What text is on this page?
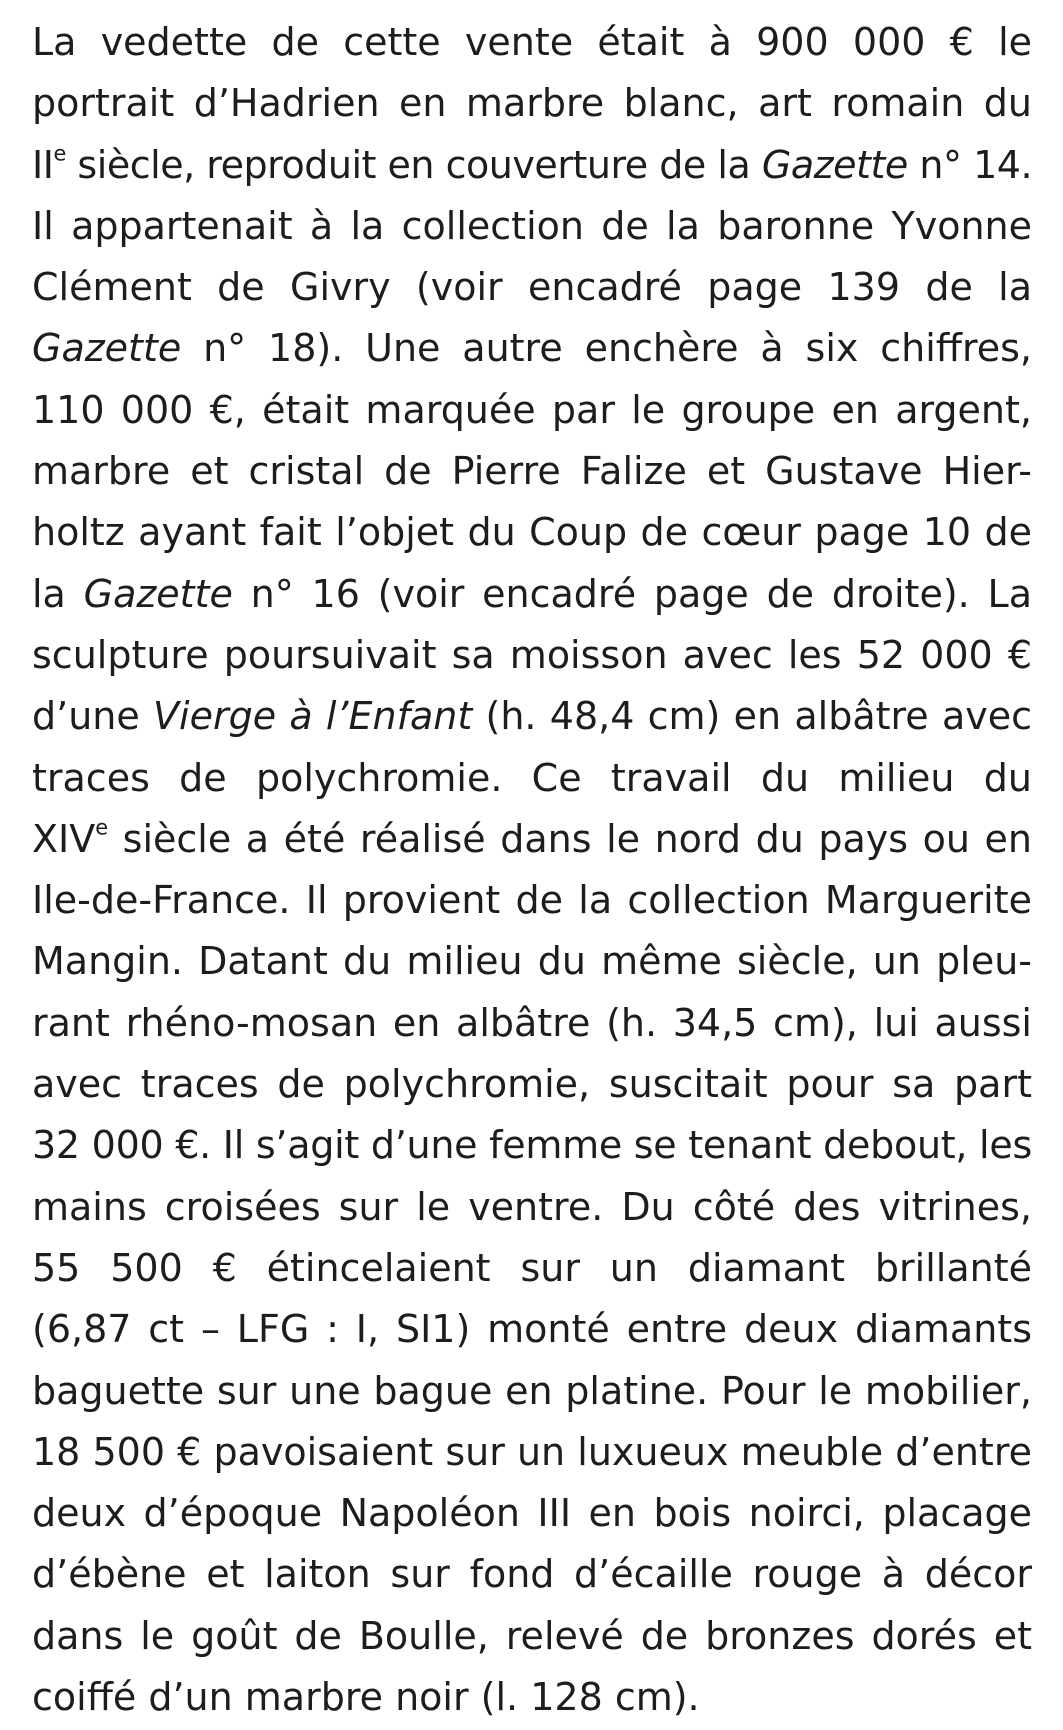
La vedette de cette vente était à 900 000 € le
portrait d’Hadrien en marbre blanc, art romain du
IIe siècle, reproduit en couverture de la Gazette n° 14.
Il appartenait à la collection de la baronne Yvonne
Clément de Givry (voir encadré page 139 de la
Gazette n° 18). Une autre enchère à six chiffres,
110 000 €, était marquée par le groupe en argent,
marbre et cristal de Pierre Falize et Gustave Hier-
holtz ayant fait l’objet du Coup de cœur page 10 de
la Gazette n° 16 (voir encadré page de droite). La
sculpture poursuivait sa moisson avec les 52 000 €
d’une Vierge à l’Enfant (h. 48,4 cm) en albâtre avec
traces de polychromie. Ce travail du milieu du
XIVe siècle a été réalisé dans le nord du pays ou en
Ile-de-France. Il provient de la collection Marguerite
Mangin. Datant du milieu du même siècle, un pleu-
rant rhéno-mosan en albâtre (h. 34,5 cm), lui aussi
avec traces de polychromie, suscitait pour sa part
32 000 €. Il s’agit d’une femme se tenant debout, les
mains croisées sur le ventre. Du côté des vitrines,
55 500 € étincelaient sur un diamant brillanté
(6,87 ct – LFG : I, SI1) monté entre deux diamants
baguette sur une bague en platine. Pour le mobilier,
18 500 € pavoisaient sur un luxueux meuble d’entre
deux d’époque Napoléon III en bois noirci, placage
d’ébène et laiton sur fond d’écaille rouge à décor
dans le goût de Boulle, relevé de bronzes dorés et
coiffé d’un marbre noir (l. 128 cm).
